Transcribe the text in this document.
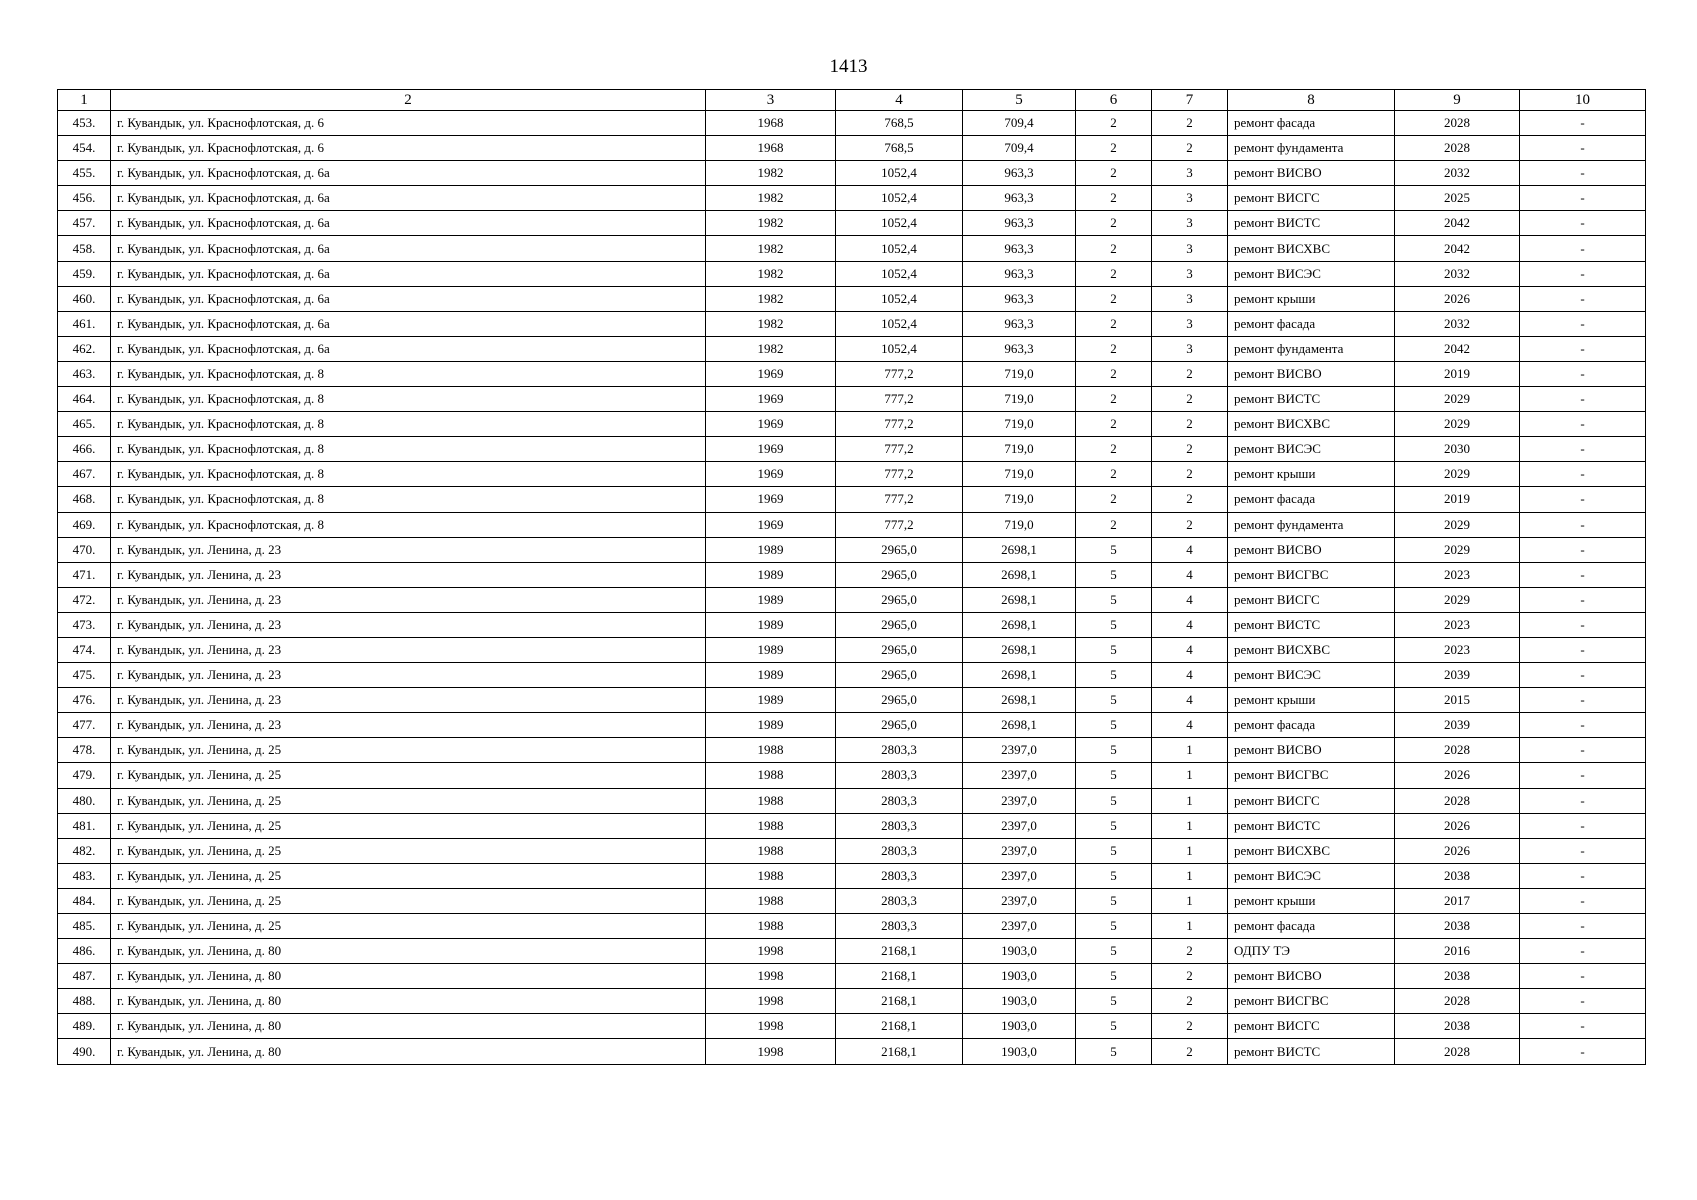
1413
1	2	3	4	5	6	7	8	9	10
453.	г. Кувандык, ул. Краснофлотская, д. 6	1968	768,5	709,4	2	2	ремонт фасада	2028	-
454.	г. Кувандык, ул. Краснофлотская, д. 6	1968	768,5	709,4	2	2	ремонт фундамента	2028	-
455.	г. Кувандык, ул. Краснофлотская, д. 6а	1982	1052,4	963,3	2	3	ремонт ВИСВО	2032	-
456.	г. Кувандык, ул. Краснофлотская, д. 6а	1982	1052,4	963,3	2	3	ремонт ВИСГС	2025	-
457.	г. Кувандык, ул. Краснофлотская, д. 6а	1982	1052,4	963,3	2	3	ремонт ВИСТС	2042	-
458.	г. Кувандык, ул. Краснофлотская, д. 6а	1982	1052,4	963,3	2	3	ремонт ВИСХВС	2042	-
459.	г. Кувандык, ул. Краснофлотская, д. 6а	1982	1052,4	963,3	2	3	ремонт ВИСЭС	2032	-
460.	г. Кувандык, ул. Краснофлотская, д. 6а	1982	1052,4	963,3	2	3	ремонт крыши	2026	-
461.	г. Кувандык, ул. Краснофлотская, д. 6а	1982	1052,4	963,3	2	3	ремонт фасада	2032	-
462.	г. Кувандык, ул. Краснофлотская, д. 6а	1982	1052,4	963,3	2	3	ремонт фундамента	2042	-
463.	г. Кувандык, ул. Краснофлотская, д. 8	1969	777,2	719,0	2	2	ремонт ВИСВО	2019	-
464.	г. Кувандык, ул. Краснофлотская, д. 8	1969	777,2	719,0	2	2	ремонт ВИСТС	2029	-
465.	г. Кувандык, ул. Краснофлотская, д. 8	1969	777,2	719,0	2	2	ремонт ВИСХВС	2029	-
466.	г. Кувандык, ул. Краснофлотская, д. 8	1969	777,2	719,0	2	2	ремонт ВИСЭС	2030	-
467.	г. Кувандык, ул. Краснофлотская, д. 8	1969	777,2	719,0	2	2	ремонт крыши	2029	-
468.	г. Кувандык, ул. Краснофлотская, д. 8	1969	777,2	719,0	2	2	ремонт фасада	2019	-
469.	г. Кувандык, ул. Краснофлотская, д. 8	1969	777,2	719,0	2	2	ремонт фундамента	2029	-
470.	г. Кувандык, ул. Ленина, д. 23	1989	2965,0	2698,1	5	4	ремонт ВИСВО	2029	-
471.	г. Кувандык, ул. Ленина, д. 23	1989	2965,0	2698,1	5	4	ремонт ВИСГВС	2023	-
472.	г. Кувандык, ул. Ленина, д. 23	1989	2965,0	2698,1	5	4	ремонт ВИСГС	2029	-
473.	г. Кувандык, ул. Ленина, д. 23	1989	2965,0	2698,1	5	4	ремонт ВИСТС	2023	-
474.	г. Кувандык, ул. Ленина, д. 23	1989	2965,0	2698,1	5	4	ремонт ВИСХВС	2023	-
475.	г. Кувандык, ул. Ленина, д. 23	1989	2965,0	2698,1	5	4	ремонт ВИСЭС	2039	-
476.	г. Кувандык, ул. Ленина, д. 23	1989	2965,0	2698,1	5	4	ремонт крыши	2015	-
477.	г. Кувандык, ул. Ленина, д. 23	1989	2965,0	2698,1	5	4	ремонт фасада	2039	-
478.	г. Кувандык, ул. Ленина, д. 25	1988	2803,3	2397,0	5	1	ремонт ВИСВО	2028	-
479.	г. Кувандык, ул. Ленина, д. 25	1988	2803,3	2397,0	5	1	ремонт ВИСГВС	2026	-
480.	г. Кувандык, ул. Ленина, д. 25	1988	2803,3	2397,0	5	1	ремонт ВИСГС	2028	-
481.	г. Кувандык, ул. Ленина, д. 25	1988	2803,3	2397,0	5	1	ремонт ВИСТС	2026	-
482.	г. Кувандык, ул. Ленина, д. 25	1988	2803,3	2397,0	5	1	ремонт ВИСХВС	2026	-
483.	г. Кувандык, ул. Ленина, д. 25	1988	2803,3	2397,0	5	1	ремонт ВИСЭС	2038	-
484.	г. Кувандык, ул. Ленина, д. 25	1988	2803,3	2397,0	5	1	ремонт крыши	2017	-
485.	г. Кувандык, ул. Ленина, д. 25	1988	2803,3	2397,0	5	1	ремонт фасада	2038	-
486.	г. Кувандык, ул. Ленина, д. 80	1998	2168,1	1903,0	5	2	ОДПУ ТЭ	2016	-
487.	г. Кувандык, ул. Ленина, д. 80	1998	2168,1	1903,0	5	2	ремонт ВИСВО	2038	-
488.	г. Кувандык, ул. Ленина, д. 80	1998	2168,1	1903,0	5	2	ремонт ВИСГВС	2028	-
489.	г. Кувандык, ул. Ленина, д. 80	1998	2168,1	1903,0	5	2	ремонт ВИСГС	2038	-
490.	г. Кувандык, ул. Ленина, д. 80	1998	2168,1	1903,0	5	2	ремонт ВИСТС	2028	-
